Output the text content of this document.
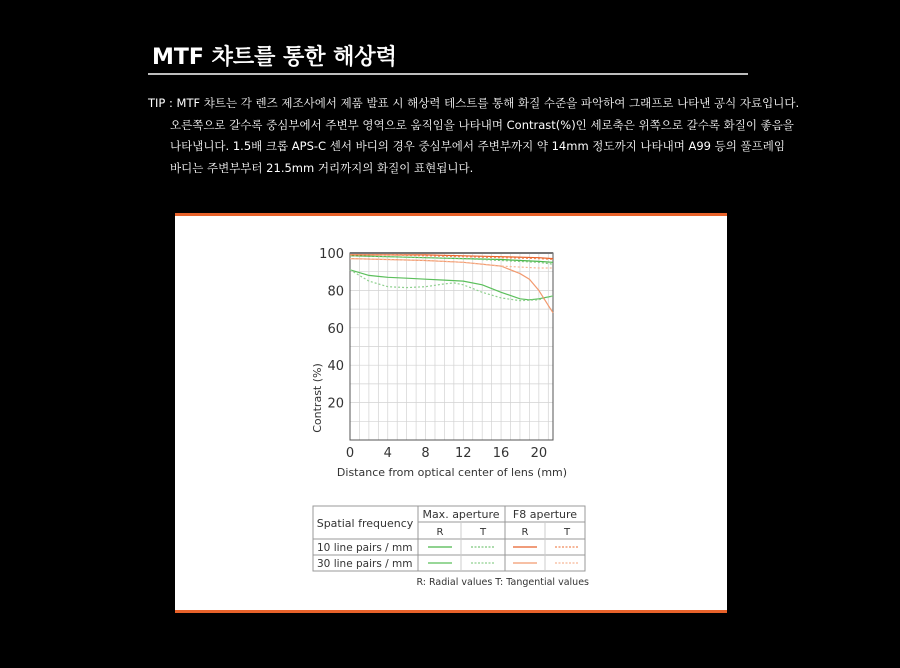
MTF 챠트를 통한 해상력
TIP : MTF 챠트는 각 렌즈 제조사에서 제품 발표 시 해상력 테스트를 통해 화질 수준을 파악하여 그래프로 나타낸 공식 자료입니다.
오른쪽으로 갈수록 중심부에서 주변부 영역으로 움직임을 나타내며 Contrast(%)인 세로축은 위쪽으로 갈수록 화질이 좋음을
나타냅니다. 1.5배 크롭 APS-C 센서 바디의 경우 중심부에서 주변부까지 약 14mm 정도까지 나타내며 A99 등의 풀프레임
바디는 주변부부터 21.5mm 거리까지의 화질이 표현됩니다.
0 4 8 12 16 20
20
40
60
80
100
Distance from optical center of lens (mm)
Contrast (%)
Spatial frequency
Max. aperture F8 aperture
R	T	R	T
10 line pairs / mm
30 line pairs / mm
R: Radial values T: Tangential values
